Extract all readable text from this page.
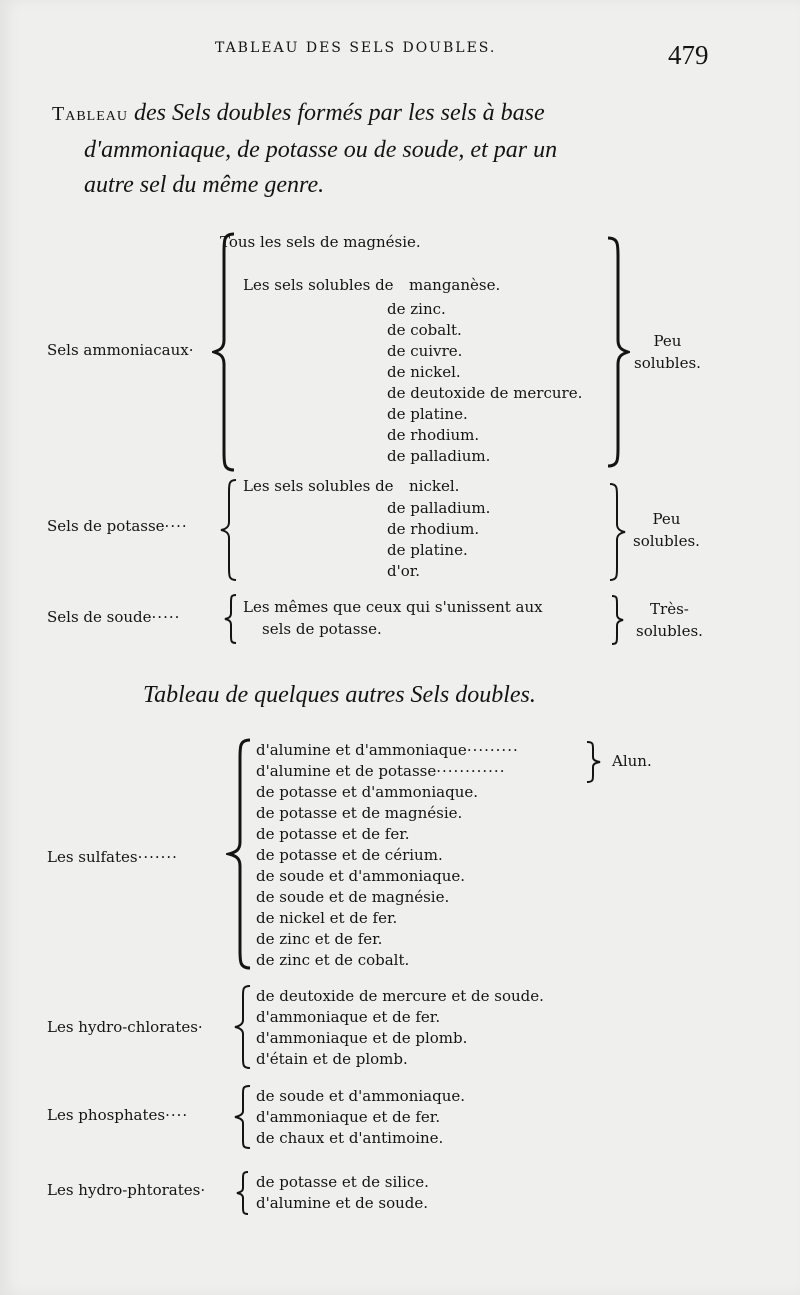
TABLEAU DES SELS DOUBLES.	479
Tableau des Sels doubles formés par les sels à base
d'ammoniaque, de potasse ou de soude, et par un
autre sel du même genre.
Sels ammoniacaux·
Tous les sels de magnésie.
Les sels solubles de manganèse.
de zinc.
de cobalt.
de cuivre.
de nickel.
de deutoxide de mercure.
de platine.
de rhodium.
de palladium.
Peu
solubles.
Sels de potasse····
Les sels solubles de nickel.
de palladium.
de rhodium.
de platine.
d'or.
Peu
solubles.
Sels de soude·····
Les mêmes que ceux qui s'unissent aux
sels de potasse.
Très-
solubles.
Tableau de quelques autres Sels doubles.
Les sulfates·······
d'alumine et d'ammoniaque·········
d'alumine et de potasse············
Alun.
de potasse et d'ammoniaque.
de potasse et de magnésie.
de potasse et de fer.
de potasse et de cérium.
de soude et d'ammoniaque.
de soude et de magnésie.
de nickel et de fer.
de zinc et de fer.
de zinc et de cobalt.
Les hydro-chlorates·
de deutoxide de mercure et de soude.
d'ammoniaque et de fer.
d'ammoniaque et de plomb.
d'étain et de plomb.
Les phosphates····
de soude et d'ammoniaque.
d'ammoniaque et de fer.
de chaux et d'antimoine.
Les hydro-phtorates·	de potasse et de silice.
d'alumine et de soude.
